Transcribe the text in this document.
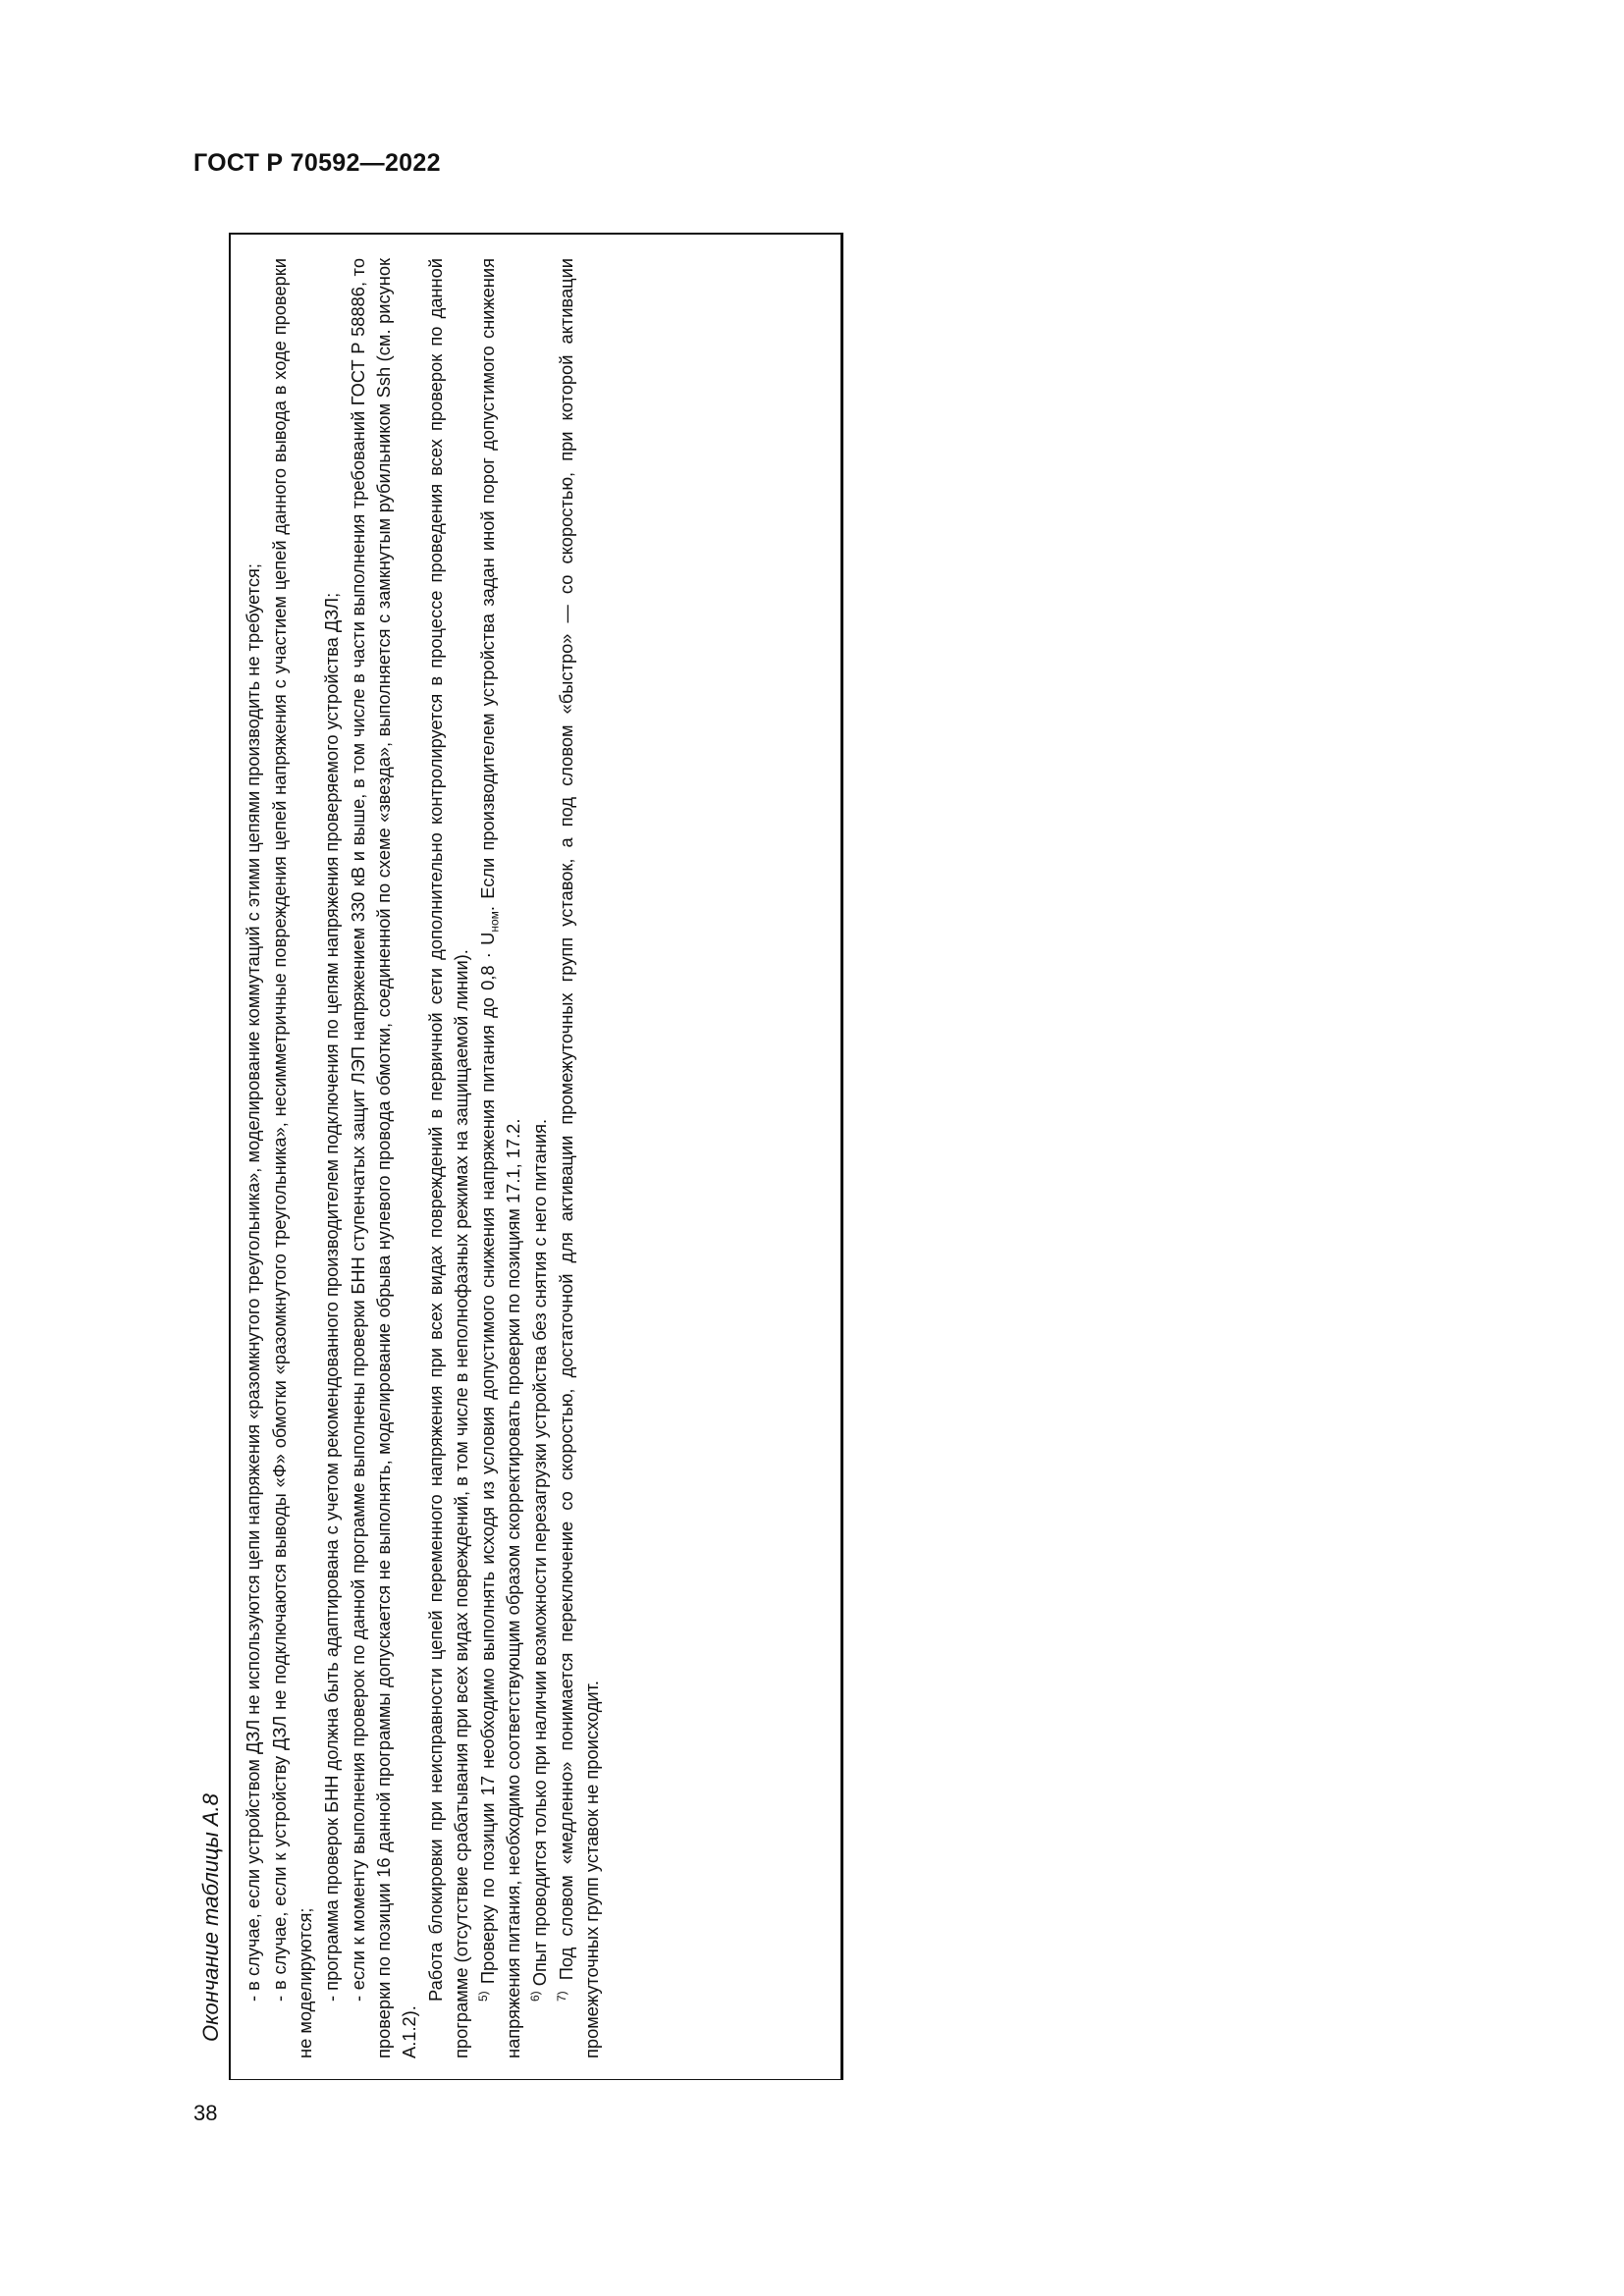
ГОСТ Р 70592—2022
Окончание таблицы А.8
38

- в случае, если устройством ДЗЛ не используются цепи напряжения «разомкнутого треугольника», моделирование коммутаций с этими цепями производить не требуется; - в случае, если к устройству ДЗЛ не подключаются выводы «Ф» обмотки «разомкнутого треугольника», несимметричные повреждения цепей напряжения с участием цепей данного вывода в ходе проверки не моделируются; - программа проверок БНН должна быть адаптирована с учетом рекомендованного производителем подключения по цепям напряжения проверяемого устройства ДЗЛ; - если к моменту выполнения проверок по данной программе выполнены проверки БНН ступенчатых защит ЛЭП напряжением 330 кВ и выше, в том числе в части выполнения требований ГОСТ Р 58886, то проверки по позиции 16 данной программы допускается не выполнять, моделирование обрыва нулевого провода обмотки, соединенной по схеме «звезда», выполняется с замкнутым рубильником Ssh (см. рисунок А.1.2).

Работа блокировки при неисправности цепей переменного напряжения при всех видах повреждений в первичной сети дополнительно контролируется в процессе проведения всех проверок по данной программе (отсутствие срабатывания при всех видах повреждений, в том числе в неполнофазных режимах на защищаемой линии). $^{5)}$ Проверку по позиции 17 необходимо выполнять исходя из условия допустимого снижения напряжения питания до $0,8 \cdot U_{ном}$. Если производителем устройства задан иной порог допустимого снижения напряжения питания, необходимо соответствующим образом скорректировать проверки по позициям 17.1, 17.2. $^{6)}$ Опыт проводится только при наличии возможности перезагрузки устройства без снятия с него питания.

$^{7)}$ Под словом «медленно» понимается переключение со скоростью, достаточной для активации промежуточных групп уставок, а под словом «быстро» — со скоростью, при которой активации промежуточных групп уставок не происходит.
